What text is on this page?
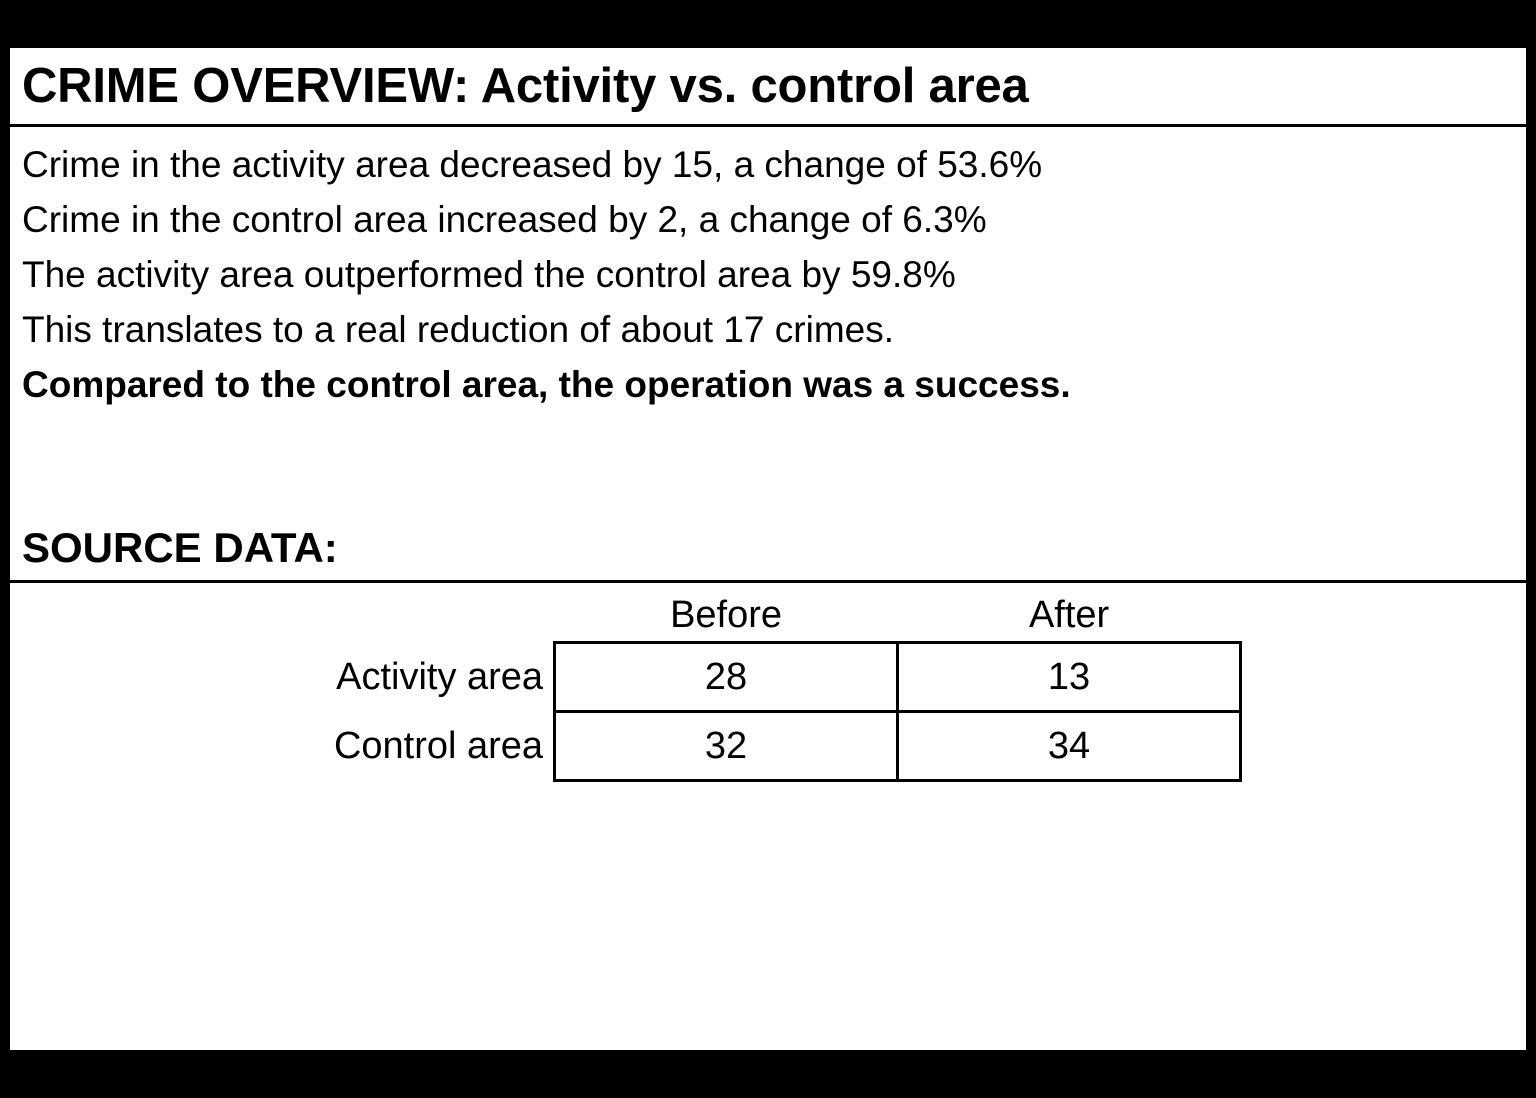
CRIME OVERVIEW: Activity vs. control area
Crime in the activity area decreased by 15, a change of 53.6%
Crime in the control area increased by 2, a change of 6.3%
The activity area outperformed the control area by 59.8%
This translates to a real reduction of about 17 crimes.
Compared to the control area, the operation was a success.
SOURCE DATA:
	Before	After
Activity area	28	13
Control area	32	34
